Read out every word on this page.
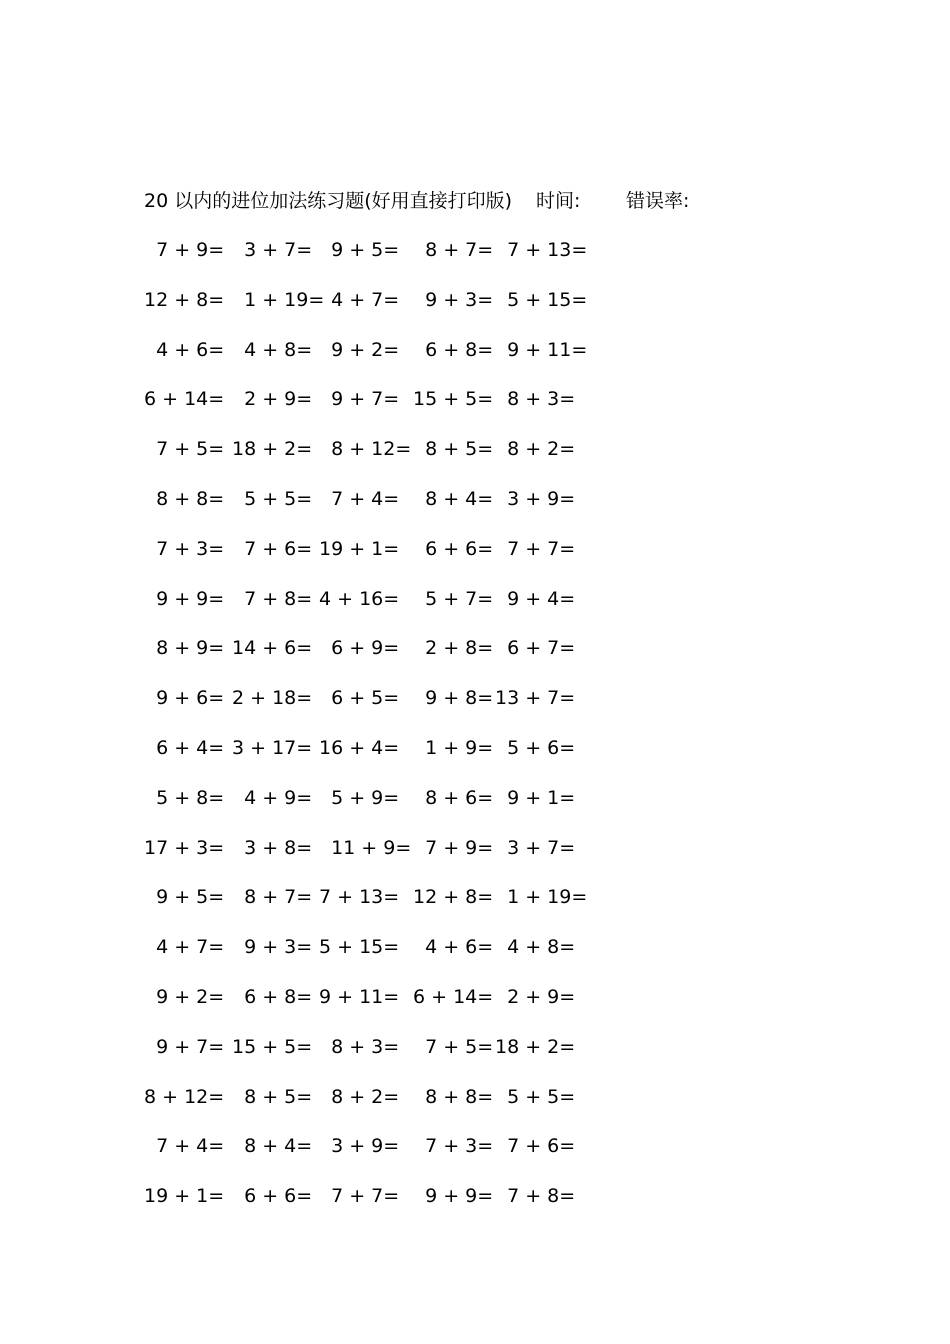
20 以内的进位加法练习题(好用直接打印版) 时间: 错误率:
7 + 9= 3 + 7= 9 + 5= 8 + 7= 7 + 13=
12 + 8= 1 + 19=
4 + 7= 9 + 3= 5 + 15=
4 + 6= 4 + 8= 9 + 2= 6 + 8= 9 + 11=
6 + 14= 2 + 9= 9 + 7= 15 + 5= 8 + 3=
7 + 5= 18 + 2= 8 + 12= 8 + 5= 8 + 2=
8 + 8= 5 + 5= 7 + 4= 8 + 4= 3 + 9=
7 + 3= 7 + 6= 19 + 1= 6 + 6= 7 + 7=
9 + 9= 7 + 8= 4 + 16= 5 + 7= 9 + 4=
8 + 9= 14 + 6= 6 + 9= 2 + 8= 6 + 7=
9 + 6= 2 + 18= 6 + 5= 9 + 8= 13 + 7=
6 + 4= 3 + 17= 16 + 4= 1 + 9= 5 + 6=
5 + 8= 4 + 9= 5 + 9= 8 + 6= 9 + 1=
17 + 3= 3 + 8= 11 + 9= 7 + 9= 3 + 7=
9 + 5= 8 + 7= 7 + 13= 12 + 8= 1 + 19=
4 + 7= 9 + 3= 5 + 15= 4 + 6= 4 + 8=
9 + 2= 6 + 8= 9 + 11= 6 + 14= 2 + 9=
9 + 7= 15 + 5= 8 + 3= 7 + 5= 18 + 2=
8 + 12= 8 + 5= 8 + 2= 8 + 8= 5 + 5=
7 + 4= 8 + 4= 3 + 9= 7 + 3= 7 + 6=
19 + 1= 6 + 6= 7 + 7= 9 + 9= 7 + 8=
